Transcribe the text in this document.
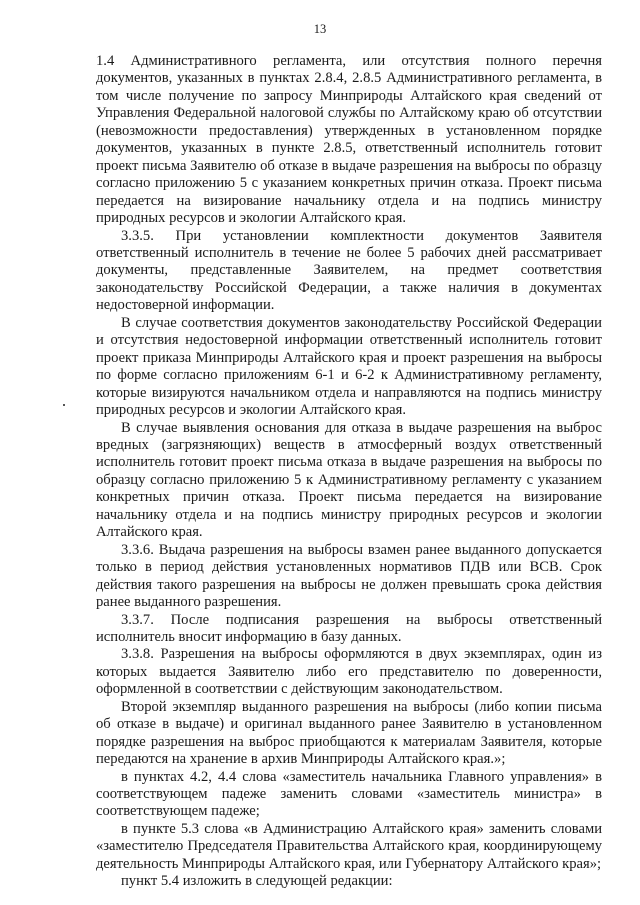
13

1.4 Административного регламента, или отсутствия полного перечня документов, указанных в пунктах 2.8.4, 2.8.5 Административного регламента, в том числе получение по запросу Минприроды Алтайского края сведений от Управления Федеральной налоговой службы по Алтайскому краю об отсутствии (невозможности предоставления) утвержденных в установленном порядке документов, указанных в пункте 2.8.5, ответственный исполнитель готовит проект письма Заявителю об отказе в выдаче разрешения на выбросы по образцу согласно приложению 5 с указанием конкретных причин отказа. Проект письма передается на визирование начальнику отдела и на подпись министру природных ресурсов и экологии Алтайского края.

3.3.5. При установлении комплектности документов Заявителя ответственный исполнитель в течение не более 5 рабочих дней рассматривает документы, представленные Заявителем, на предмет соответствия законодательству Российской Федерации, а также наличия в документах недостоверной информации.

В случае соответствия документов законодательству Российской Федерации и отсутствия недостоверной информации ответственный исполнитель готовит проект приказа Минприроды Алтайского края и проект разрешения на выбросы по форме согласно приложениям 6-1 и 6-2 к Административному регламенту, которые визируются начальником отдела и направляются на подпись министру природных ресурсов и экологии Алтайского края.

В случае выявления основания для отказа в выдаче разрешения на выброс вредных (загрязняющих) веществ в атмосферный воздух ответственный исполнитель готовит проект письма отказа в выдаче разрешения на выбросы по образцу согласно приложению 5 к Административному регламенту с указанием конкретных причин отказа. Проект письма передается на визирование начальнику отдела и на подпись министру природных ресурсов и экологии Алтайского края.

3.3.6. Выдача разрешения на выбросы взамен ранее выданного допускается только в период действия установленных нормативов ПДВ или ВСВ. Срок действия такого разрешения на выбросы не должен превышать срока действия ранее выданного разрешения.

3.3.7. После подписания разрешения на выбросы ответственный исполнитель вносит информацию в базу данных.

3.3.8. Разрешения на выбросы оформляются в двух экземплярах, один из которых выдается Заявителю либо его представителю по доверенности, оформленной в соответствии с действующим законодательством.

Второй экземпляр выданного разрешения на выбросы (либо копии письма об отказе в выдаче) и оригинал выданного ранее Заявителю в установленном порядке разрешения на выброс приобщаются к материалам Заявителя, которые передаются на хранение в архив Минприроды Алтайского края.»;

в пунктах 4.2, 4.4 слова «заместитель начальника Главного управления» в соответствующем падеже заменить словами «заместитель министра» в соответствующем падеже;

в пункте 5.3 слова «в Администрацию Алтайского края» заменить словами «заместителю Председателя Правительства Алтайского края, координирующему деятельность Минприроды Алтайского края, или Губернатору Алтайского края»;

пункт 5.4 изложить в следующей редакции:
